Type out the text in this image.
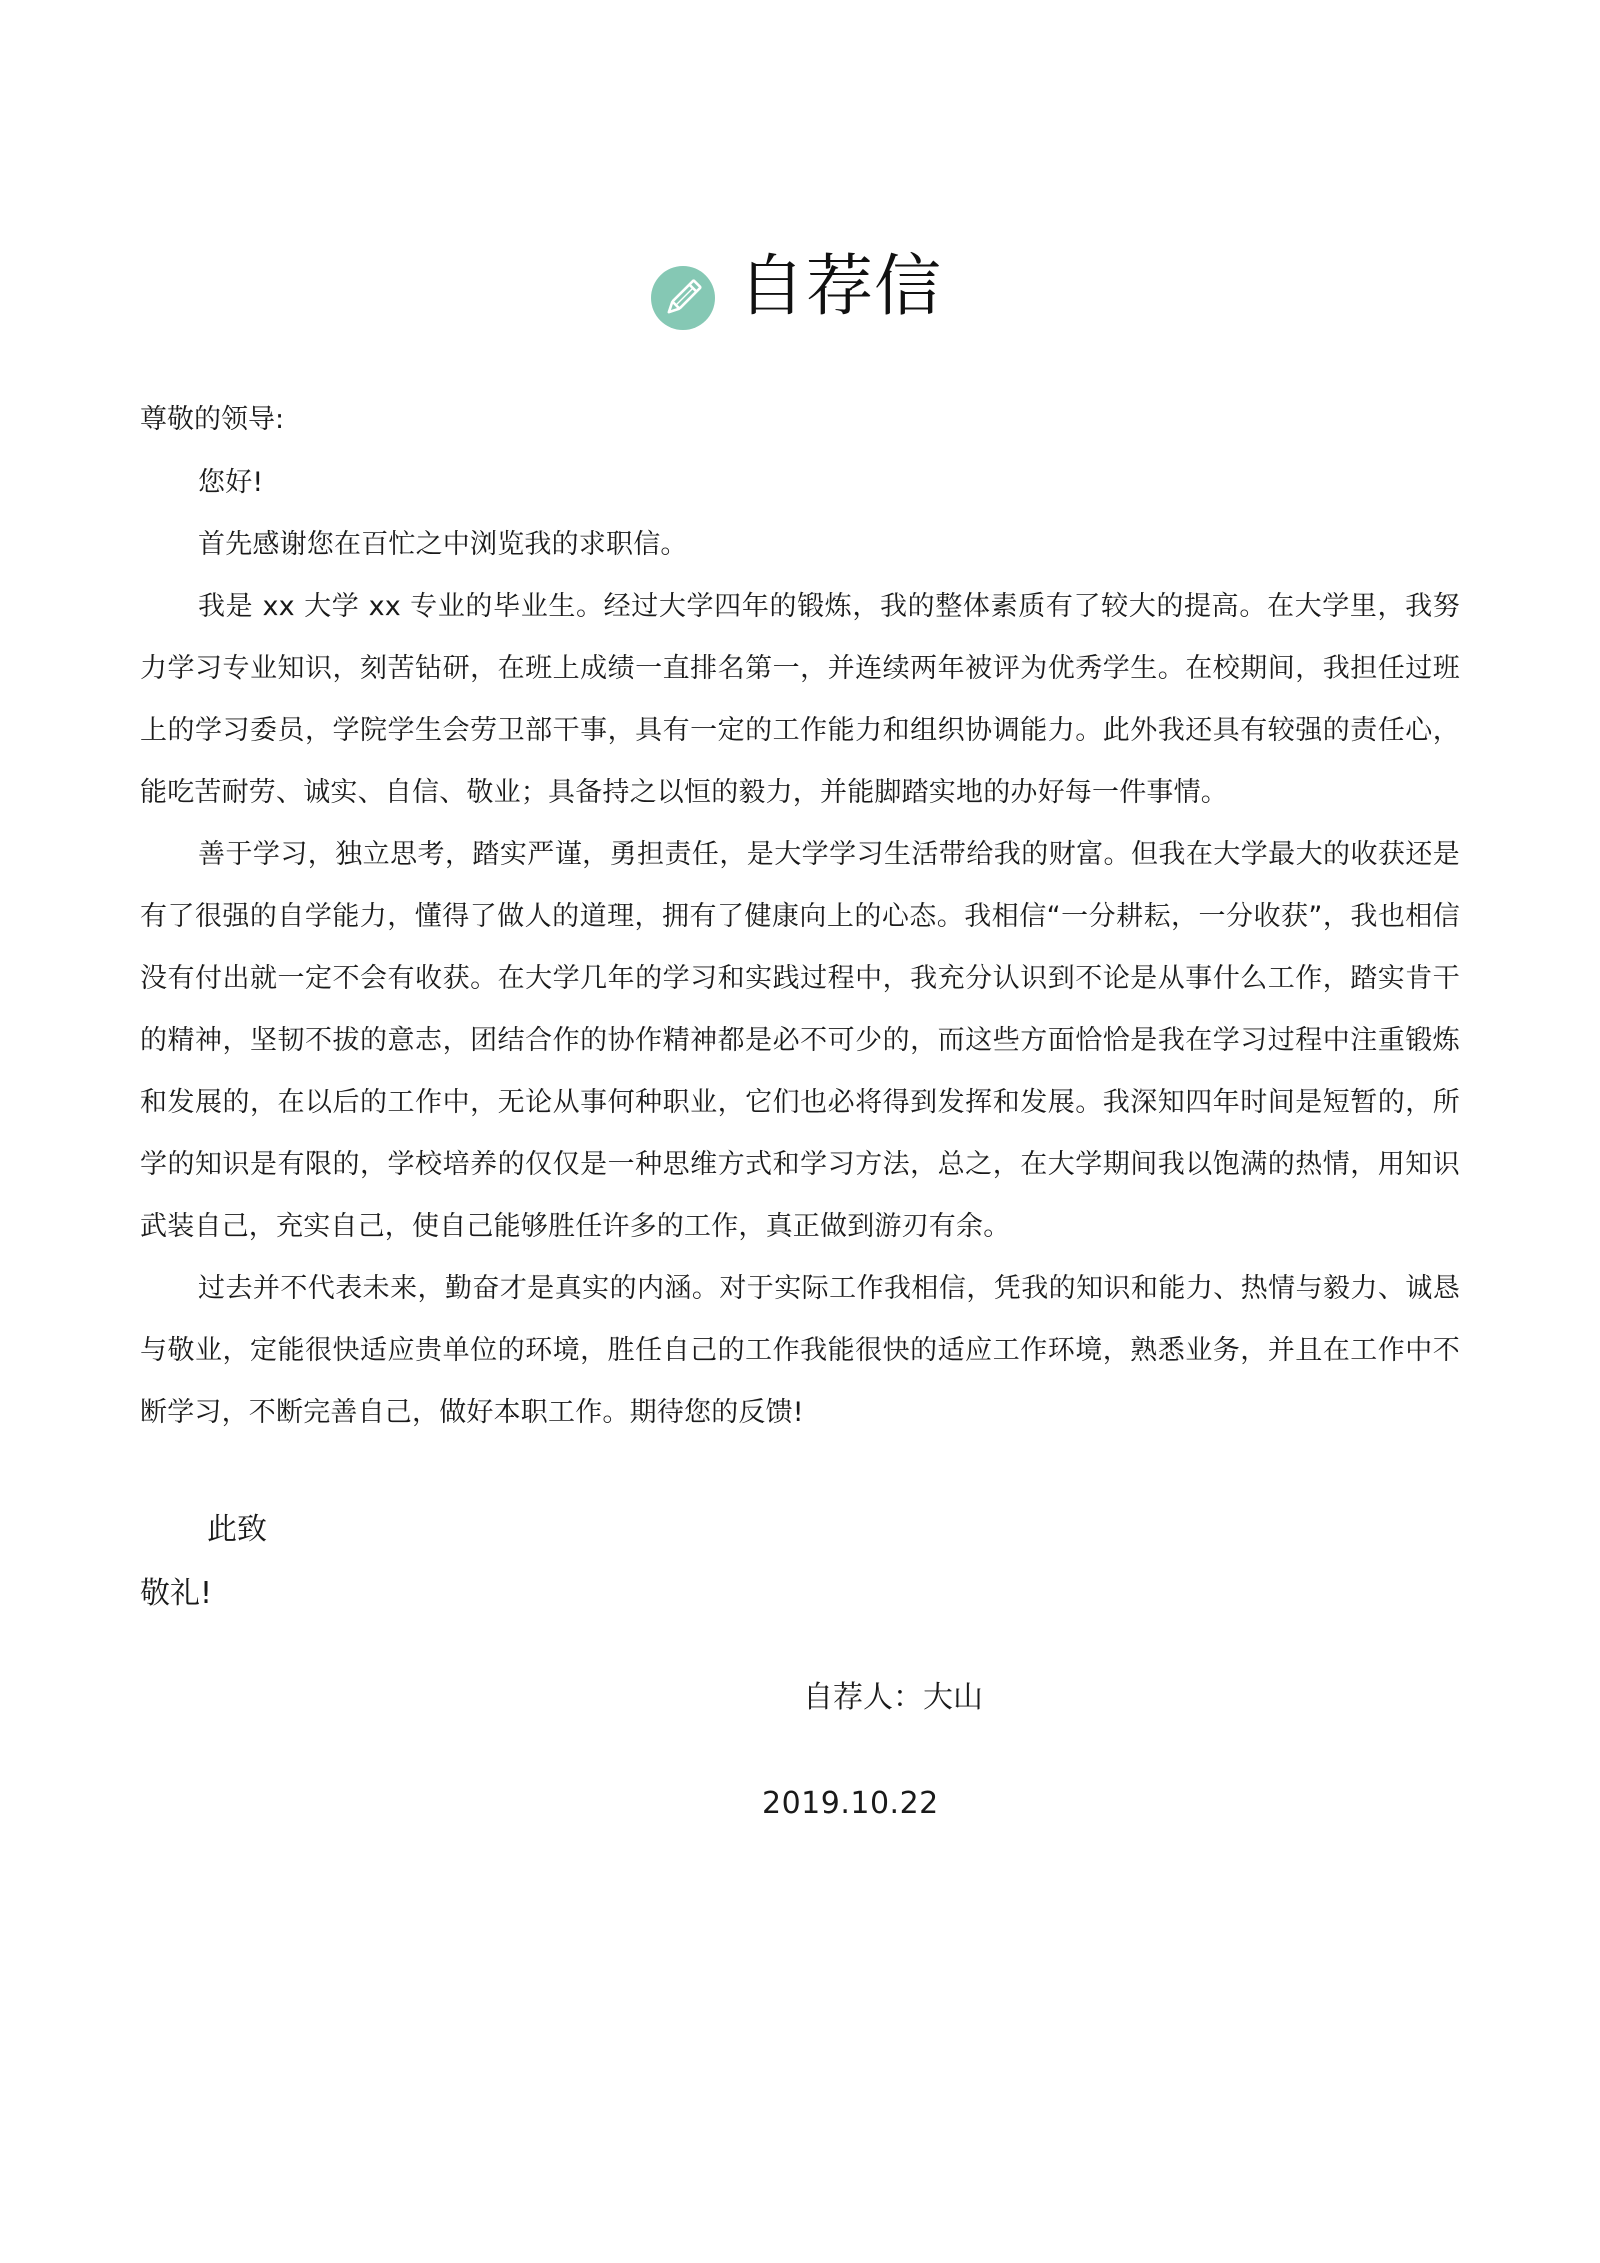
自荐信
尊敬的领导:

您好!

首先感谢您在百忙之中浏览我的求职信。

我是 xx 大学 xx 专业的毕业生。经过大学四年的锻炼，我的整体素质有了较大的提高。在大学里，我努力学习专业知识，刻苦钻研，在班上成绩一直排名第一，并连续两年被评为优秀学生。在校期间，我担任过班上的学习委员，学院学生会劳卫部干事，具有一定的工作能力和组织协调能力。此外我还具有较强的责任心，能吃苦耐劳、诚实、自信、敬业；具备持之以恒的毅力，并能脚踏实地的办好每一件事情。

善于学习，独立思考，踏实严谨，勇担责任，是大学学习生活带给我的财富。但我在大学最大的收获还是有了很强的自学能力，懂得了做人的道理，拥有了健康向上的心态。我相信“一分耕耘，一分收获”，我也相信没有付出就一定不会有收获。在大学几年的学习和实践过程中，我充分认识到不论是从事什么工作，踏实肯干的精神，坚韧不拔的意志，团结合作的协作精神都是必不可少的，而这些方面恰恰是我在学习过程中注重锻炼和发展的，在以后的工作中，无论从事何种职业，它们也必将得到发挥和发展。我深知四年时间是短暂的，所学的知识是有限的，学校培养的仅仅是一种思维方式和学习方法，总之，在大学期间我以饱满的热情，用知识武装自己，充实自己，使自己能够胜任许多的工作，真正做到游刃有余。

过去并不代表未来，勤奋才是真实的内涵。对于实际工作我相信，凭我的知识和能力、热情与毅力、诚恳与敬业，定能很快适应贵单位的环境，胜任自己的工作我能很快的适应工作环境，熟悉业务，并且在工作中不断学习，不断完善自己，做好本职工作。期待您的反馈!

此致
敬礼!
自荐人：大山
2019.10.22
